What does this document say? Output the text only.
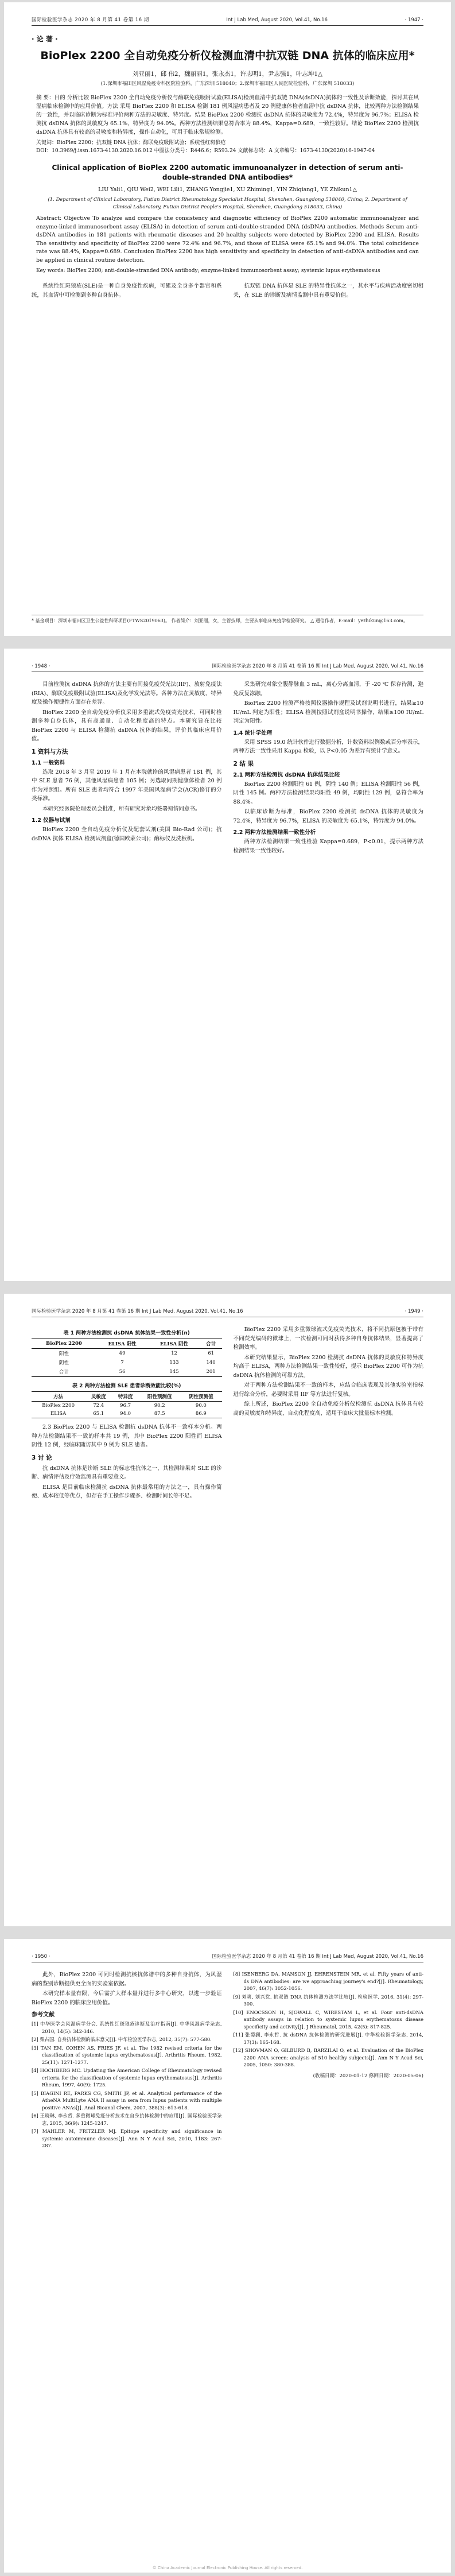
国际检验医学杂志 2020 年 8 月第 41 卷第 16 期	Int J Lab Med, August 2020, Vol.41, No.16	· 1947 ·
· 论 著 ·
BioPlex 2200 全自动免疫分析仪检测血清中抗双链 DNA 抗体的临床应用*
刘亚丽1，邱 伟2，魏丽丽1，张永杰1，许志明1，尹志强1，叶志坤1△
(1.深圳市福田区风湿免疫专科医院检验科，广东深圳 518040；2.深圳市福田区人民医院检验科，广东深圳 518033)
摘 要：目的 分析比较 BioPlex 2200 全自动免疫分析仪与酶联免疫吸附试验(ELISA)检测血清中抗双链 DNA(dsDNA)抗体的一致性及诊断效能，探讨其在风湿病临床检测中的应用价值。方法 采用 BioPlex 2200 和 ELISA 检测 181 例风湿病患者及 20 例健康体检者血清中抗 dsDNA 抗体，比较两种方法检测结果的一致性，并以临床诊断为标准评价两种方法的灵敏度、特异度。结果 BioPlex 2200 检测抗 dsDNA 抗体的灵敏度为 72.4%，特异度为 96.7%；ELISA 检测抗 dsDNA 抗体的灵敏度为 65.1%，特异度为 94.0%。两种方法检测结果总符合率为 88.4%，Kappa=0.689，一致性较好。结论 BioPlex 2200 检测抗 dsDNA 抗体具有较高的灵敏度和特异度，操作自动化，可用于临床常规检测。
关键词：BioPlex 2200；抗双链 DNA 抗体；酶联免疫吸附试验；系统性红斑狼疮
DOI：10.3969/j.issn.1673-4130.2020.16.012 中图法分类号：R446.6；R593.24 文献标志码：A 文章编号：1673-4130(2020)16-1947-04
Clinical application of BioPlex 2200 automatic immunoanalyzer in detection of serum anti-double-stranded DNA antibodies*
LIU Yali1, QIU Wei2, WEI Lili1, ZHANG Yongjie1, XU Zhiming1, YIN Zhiqiang1, YE Zhikun1△
(1. Department of Clinical Laboratory, Futian District Rheumatology Specialist Hospital, Shenzhen, Guangdong 518040, China; 2. Department of Clinical Laboratory, Futian District People's Hospital, Shenzhen, Guangdong 518033, China)
Abstract: Objective To analyze and compare the consistency and diagnostic efficiency of BioPlex 2200 automatic immunoanalyzer and enzyme-linked immunosorbent assay (ELISA) in detection of serum anti-double-stranded DNA (dsDNA) antibodies. Methods Serum anti-dsDNA antibodies in 181 patients with rheumatic diseases and 20 healthy subjects were detected by BioPlex 2200 and ELISA. Results The sensitivity and specificity of BioPlex 2200 were 72.4% and 96.7%, and those of ELISA were 65.1% and 94.0%. The total coincidence rate was 88.4%, Kappa=0.689. Conclusion BioPlex 2200 has high sensitivity and specificity in detection of anti-dsDNA antibodies and can be applied in clinical routine detection.
Key words: BioPlex 2200; anti-double-stranded DNA antibody; enzyme-linked immunosorbent assay; systemic lupus erythematosus

系统性红斑狼疮(SLE)是一种自身免疫性疾病，可累及全身多个器官和系统，其血清中可检测到多种自身抗体。

抗双链 DNA 抗体是 SLE 的特异性抗体之一，其水平与疾病活动度密切相关，在 SLE 的诊断及病情监测中具有重要价值。

* 基金项目：深圳市福田区卫生公益性科研项目(FTWS2019063)。 作者简介：刘亚丽，女，主管技师，主要从事临床免疫学检验研究。 △ 通信作者，E-mail：yezhikun@163.com。
· 1948 ·	国际检验医学杂志 2020 年 8 月第 41 卷第 16 期 Int J Lab Med, August 2020, Vol.41, No.16

目前检测抗 dsDNA 抗体的方法主要有间接免疫荧光法(IIF)、放射免疫法(RIA)、酶联免疫吸附试验(ELISA)及化学发光法等。各种方法在灵敏度、特异度及操作便捷性方面存在差异。

BioPlex 2200 全自动免疫分析仪采用多重流式免疫荧光技术，可同时检测多种自身抗体，具有高通量、自动化程度高的特点。本研究旨在比较 BioPlex 2200 与 ELISA 检测抗 dsDNA 抗体的结果，评价其临床应用价值。

1 资料与方法
1.1 一般资料

选取 2018 年 3 月至 2019 年 1 月在本院就诊的风湿病患者 181 例，其中 SLE 患者 76 例，其他风湿病患者 105 例；另选取同期健康体检者 20 例作为对照组。所有 SLE 患者均符合 1997 年美国风湿病学会(ACR)修订的分类标准。

本研究经医院伦理委员会批准，所有研究对象均签署知情同意书。

1.2 仪器与试剂

BioPlex 2200 全自动免疫分析仪及配套试剂(美国 Bio-Rad 公司)；抗 dsDNA 抗体 ELISA 检测试剂盒(德国欧蒙公司)；酶标仪及洗板机。

采集研究对象空腹静脉血 3 mL，离心分离血清，于 -20 ℃ 保存待测，避免反复冻融。

BioPlex 2200 检测严格按照仪器操作规程及试剂说明书进行，结果≥10 IU/mL 判定为阳性；ELISA 检测按照试剂盒说明书操作，结果≥100 IU/mL 判定为阳性。

1.4 统计学处理

采用 SPSS 19.0 统计软件进行数据分析，计数资料以例数或百分率表示，两种方法一致性采用 Kappa 检验，以 P<0.05 为差异有统计学意义。

2 结 果
2.1 两种方法检测抗 dsDNA 抗体结果比较

BioPlex 2200 检测阳性 61 例，阴性 140 例；ELISA 检测阳性 56 例，阴性 145 例。两种方法检测结果均阳性 49 例，均阴性 129 例，总符合率为 88.4%。

以临床诊断为标准，BioPlex 2200 检测抗 dsDNA 抗体的灵敏度为 72.4%，特异度为 96.7%，ELISA 的灵敏度为 65.1%，特异度为 94.0%。

2.2 两种方法检测结果一致性分析

两种方法检测结果一致性检验 Kappa=0.689，P<0.01，提示两种方法检测结果一致性较好。

国际检验医学杂志 2020 年 8 月第 41 卷第 16 期 Int J Lab Med, August 2020, Vol.41, No.16	· 1949 ·
表 1 两种方法检测抗 dsDNA 抗体结果一致性分析(n)
BioPlex 2200	ELISA 阳性	ELISA 阴性	合计
阳性	49	12	61
阴性	7	133	140
合计	56	145	201
表 2 两种方法检测 SLE 患者诊断效能比较(%)
方法	灵敏度	特异度	阳性预测值	阴性预测值
BioPlex 2200	72.4	96.7	90.2	90.0
ELISA	65.1	94.0	87.5	86.9

2.3 BioPlex 2200 与 ELISA 检测抗 dsDNA 抗体不一致样本分析。两种方法检测结果不一致的样本共 19 例，其中 BioPlex 2200 阳性而 ELISA 阴性 12 例，经临床随访其中 9 例为 SLE 患者。

3 讨 论

抗 dsDNA 抗体是诊断 SLE 的标志性抗体之一，其检测结果对 SLE 的诊断、病情评估及疗效监测具有重要意义。

ELISA 是目前临床检测抗 dsDNA 抗体最常用的方法之一，具有操作简便、成本较低等优点，但存在手工操作步骤多、检测时间长等不足。

BioPlex 2200 采用多重微球流式免疫荧光技术，将不同抗原包被于带有不同荧光编码的微球上，一次检测可同时获得多种自身抗体结果，显著提高了检测效率。

本研究结果显示，BioPlex 2200 检测抗 dsDNA 抗体的灵敏度和特异度均高于 ELISA，两种方法检测结果一致性较好，提示 BioPlex 2200 可作为抗 dsDNA 抗体检测的可靠方法。

对于两种方法检测结果不一致的样本，应结合临床表现及其他实验室指标进行综合分析，必要时采用 IIF 等方法进行复核。

综上所述，BioPlex 2200 全自动免疫分析仪检测抗 dsDNA 抗体具有较高的灵敏度和特异度，自动化程度高，适用于临床大批量标本检测。

· 1950 ·	国际检验医学杂志 2020 年 8 月第 41 卷第 16 期 Int J Lab Med, August 2020, Vol.41, No.16

此外，BioPlex 2200 可同时检测抗核抗体谱中的多种自身抗体，为风湿病的鉴别诊断提供更全面的实验室依据。

本研究样本量有限，今后需扩大样本量并进行多中心研究，以进一步验证 BioPlex 2200 的临床应用价值。

参考文献
[1] 中华医学会风湿病学分会. 系统性红斑狼疮诊断及治疗指南[J]. 中华风湿病学杂志, 2010, 14(5): 342-346.
[2] 栗占国. 自身抗体检测的临床意义[J]. 中华检验医学杂志, 2012, 35(7): 577-580.
[3] TAN EM, COHEN AS, FRIES JF, et al. The 1982 revised criteria for the classification of systemic lupus erythematosus[J]. Arthritis Rheum, 1982, 25(11): 1271-1277.
[4] HOCHBERG MC. Updating the American College of Rheumatology revised criteria for the classification of systemic lupus erythematosus[J]. Arthritis Rheum, 1997, 40(9): 1725.
[5] BIAGINI RE, PARKS CG, SMITH JP, et al. Analytical performance of the AtheNA MultiLyte ANA II assay in sera from lupus patients with multiple positive ANAs[J]. Anal Bioanal Chem, 2007, 388(3): 613-618.
[6] 王晓琳, 李永哲. 多重微球免疫分析技术在自身抗体检测中的应用[J]. 国际检验医学杂志, 2015, 36(9): 1245-1247.
[7] MAHLER M, FRITZLER MJ. Epitope specificity and significance in systemic autoimmune diseases[J]. Ann N Y Acad Sci, 2010, 1183: 267-287.
[8] ISENBERG DA, MANSON JJ, EHRENSTEIN MR, et al. Fifty years of anti-ds DNA antibodies: are we approaching journey's end?[J]. Rheumatology, 2007, 46(7): 1052-1056.
[9] 刘爽, 刘兴党. 抗双链 DNA 抗体检测方法学比较[J]. 检验医学, 2016, 31(4): 297-300.
[10] ENOCSSON H, SJOWALL C, WIRESTAM L, et al. Four anti-dsDNA antibody assays in relation to systemic lupus erythematosus disease specificity and activity[J]. J Rheumatol, 2015, 42(5): 817-825.
[11] 张蜀澜, 李永哲. 抗 dsDNA 抗体检测的研究进展[J]. 中华检验医学杂志, 2014, 37(3): 165-168.
[12] SHOVMAN O, GILBURD B, BARZILAI O, et al. Evaluation of the BioPlex 2200 ANA screen: analysis of 510 healthy subjects[J]. Ann N Y Acad Sci, 2005, 1050: 380-388.
(收稿日期：2020-01-12 修回日期：2020-05-06)
© China Academic Journal Electronic Publishing House. All rights reserved.
